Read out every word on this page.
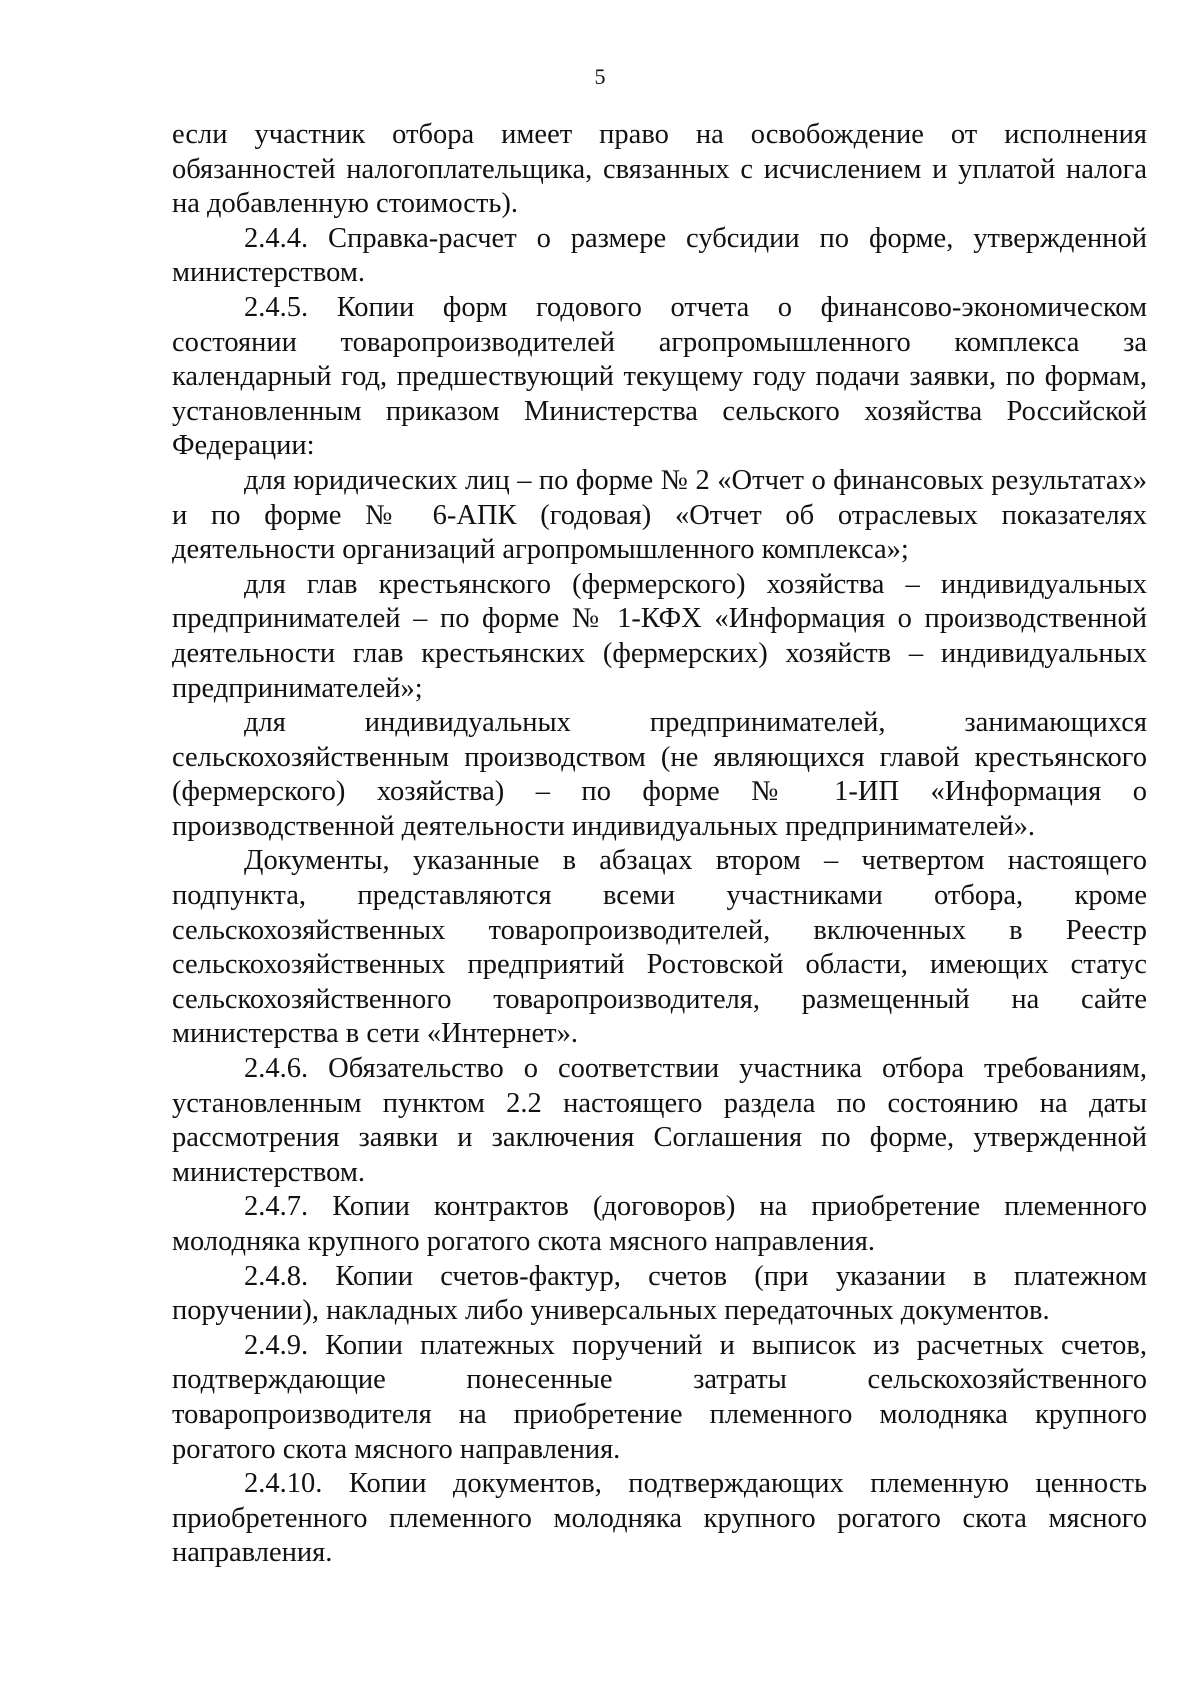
5

если участник отбора имеет право на освобождение от исполнения обязанностей налогоплательщика, связанных с исчислением и уплатой налога на добавленную стоимость).

2.4.4. Справка-расчет о размере субсидии по форме, утвержденной министерством.

2.4.5. Копии форм годового отчета о финансово-экономическом состоянии товаропроизводителей агропромышленного комплекса за календарный год, предшествующий текущему году подачи заявки, по формам, установленным приказом Министерства сельского хозяйства Российской Федерации:

для юридических лиц – по форме № 2 «Отчет о финансовых результатах» и по форме № 6-АПК (годовая) «Отчет об отраслевых показателях деятельности организаций агропромышленного комплекса»;

для глав крестьянского (фермерского) хозяйства – индивидуальных предпринимателей – по форме № 1-КФХ «Информация о производственной деятельности глав крестьянских (фермерских) хозяйств – индивидуальных предпринимателей»;

для индивидуальных предпринимателей, занимающихся сельскохозяйственным производством (не являющихся главой крестьянского (фермерского) хозяйства) – по форме № 1-ИП «Информация о производственной деятельности индивидуальных предпринимателей».

Документы, указанные в абзацах втором – четвертом настоящего подпункта, представляются всеми участниками отбора, кроме сельскохозяйственных товаропроизводителей, включенных в Реестр сельскохозяйственных предприятий Ростовской области, имеющих статус сельскохозяйственного товаропроизводителя, размещенный на сайте министерства в сети «Интернет».

2.4.6. Обязательство о соответствии участника отбора требованиям, установленным пунктом 2.2 настоящего раздела по состоянию на даты рассмотрения заявки и заключения Соглашения по форме, утвержденной министерством.

2.4.7. Копии контрактов (договоров) на приобретение племенного молодняка крупного рогатого скота мясного направления.

2.4.8. Копии счетов-фактур, счетов (при указании в платежном поручении), накладных либо универсальных передаточных документов.

2.4.9. Копии платежных поручений и выписок из расчетных счетов, подтверждающие понесенные затраты сельскохозяйственного товаропроизводителя на приобретение племенного молодняка крупного рогатого скота мясного направления.

2.4.10. Копии документов, подтверждающих племенную ценность приобретенного племенного молодняка крупного рогатого скота мясного направления.
